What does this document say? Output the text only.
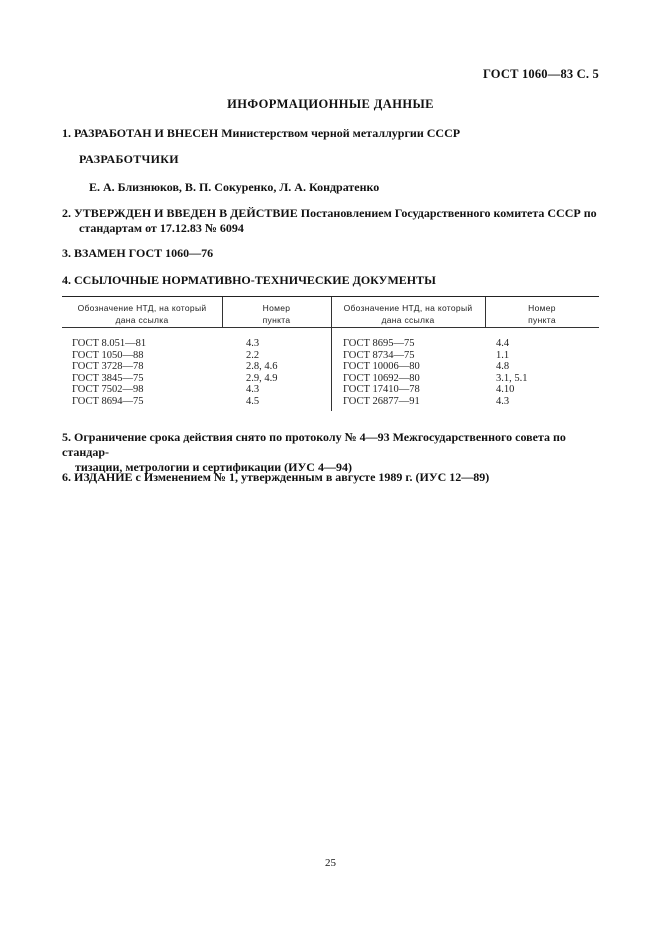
ГОСТ 1060—83 С. 5
ИНФОРМАЦИОННЫЕ ДАННЫЕ
1. РАЗРАБОТАН И ВНЕСЕН Министерством черной металлургии СССР
РАЗРАБОТЧИКИ
Е. А. Близнюков, В. П. Сокуренко, Л. А. Кондратенко
2. УТВЕРЖДЕН И ВВЕДЕН В ДЕЙСТВИЕ Постановлением Государственного комитета СССР по
стандартам от 17.12.83 № 6094
3. ВЗАМЕН ГОСТ 1060—76
4. ССЫЛОЧНЫЕ НОРМАТИВНО-ТЕХНИЧЕСКИЕ ДОКУМЕНТЫ
Обозначение НТД, на который
дана ссылка
Номер
пункта
Обозначение НТД, на который
дана ссылка
Номер
пункта
ГОСТ 8.051—81
ГОСТ 1050—88
ГОСТ 3728—78
ГОСТ 3845—75
ГОСТ 7502—98
ГОСТ 8694—75
4.3
2.2
2.8, 4.6
2.9, 4.9
4.3
4.5
ГОСТ 8695—75
ГОСТ 8734—75
ГОСТ 10006—80
ГОСТ 10692—80
ГОСТ 17410—78
ГОСТ 26877—91
4.4
1.1
4.8
3.1, 5.1
4.10
4.3
5. Ограничение срока действия снято по протоколу № 4—93 Межгосударственного совета по стандар-
тизации, метрологии и сертификации (ИУС 4—94)
6. ИЗДАНИЕ с Изменением № 1, утвержденным в августе 1989 г. (ИУС 12—89)
25
